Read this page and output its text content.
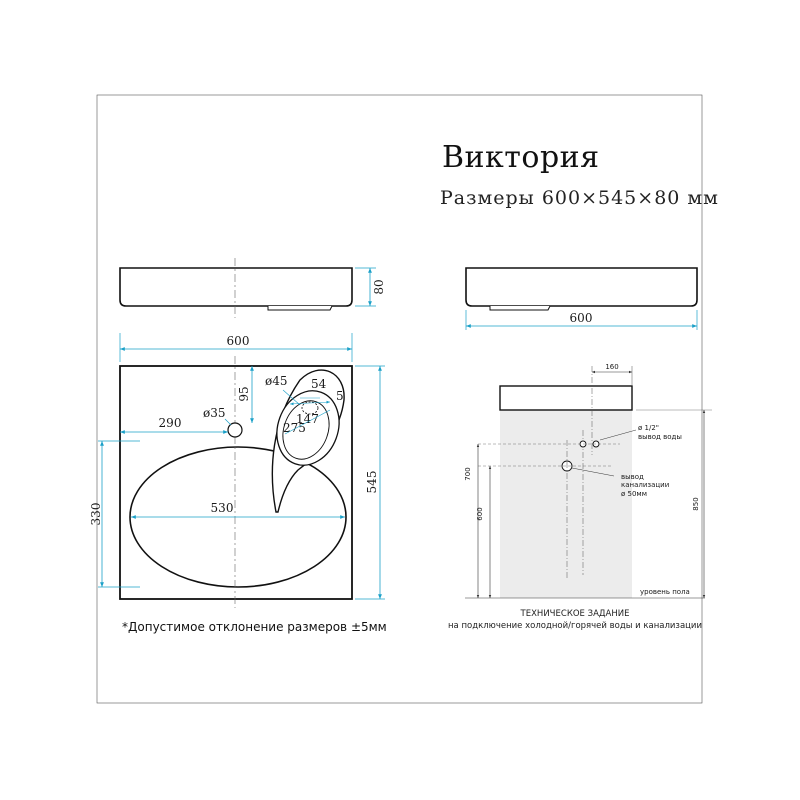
80
600
600
ø35
290
95
530
330
545
ø45 54
275
147
5
160
ø 1/2"
вывод воды
вывод
канализации
ø 50мм
700
600
850
уровень пола
Виктория
Размеры 600×545×80 мм
*Допустимое отклонение размеров ±5мм
ТЕХНИЧЕСКОЕ ЗАДАНИЕ
на подключение холодной/горячей воды и канализации
